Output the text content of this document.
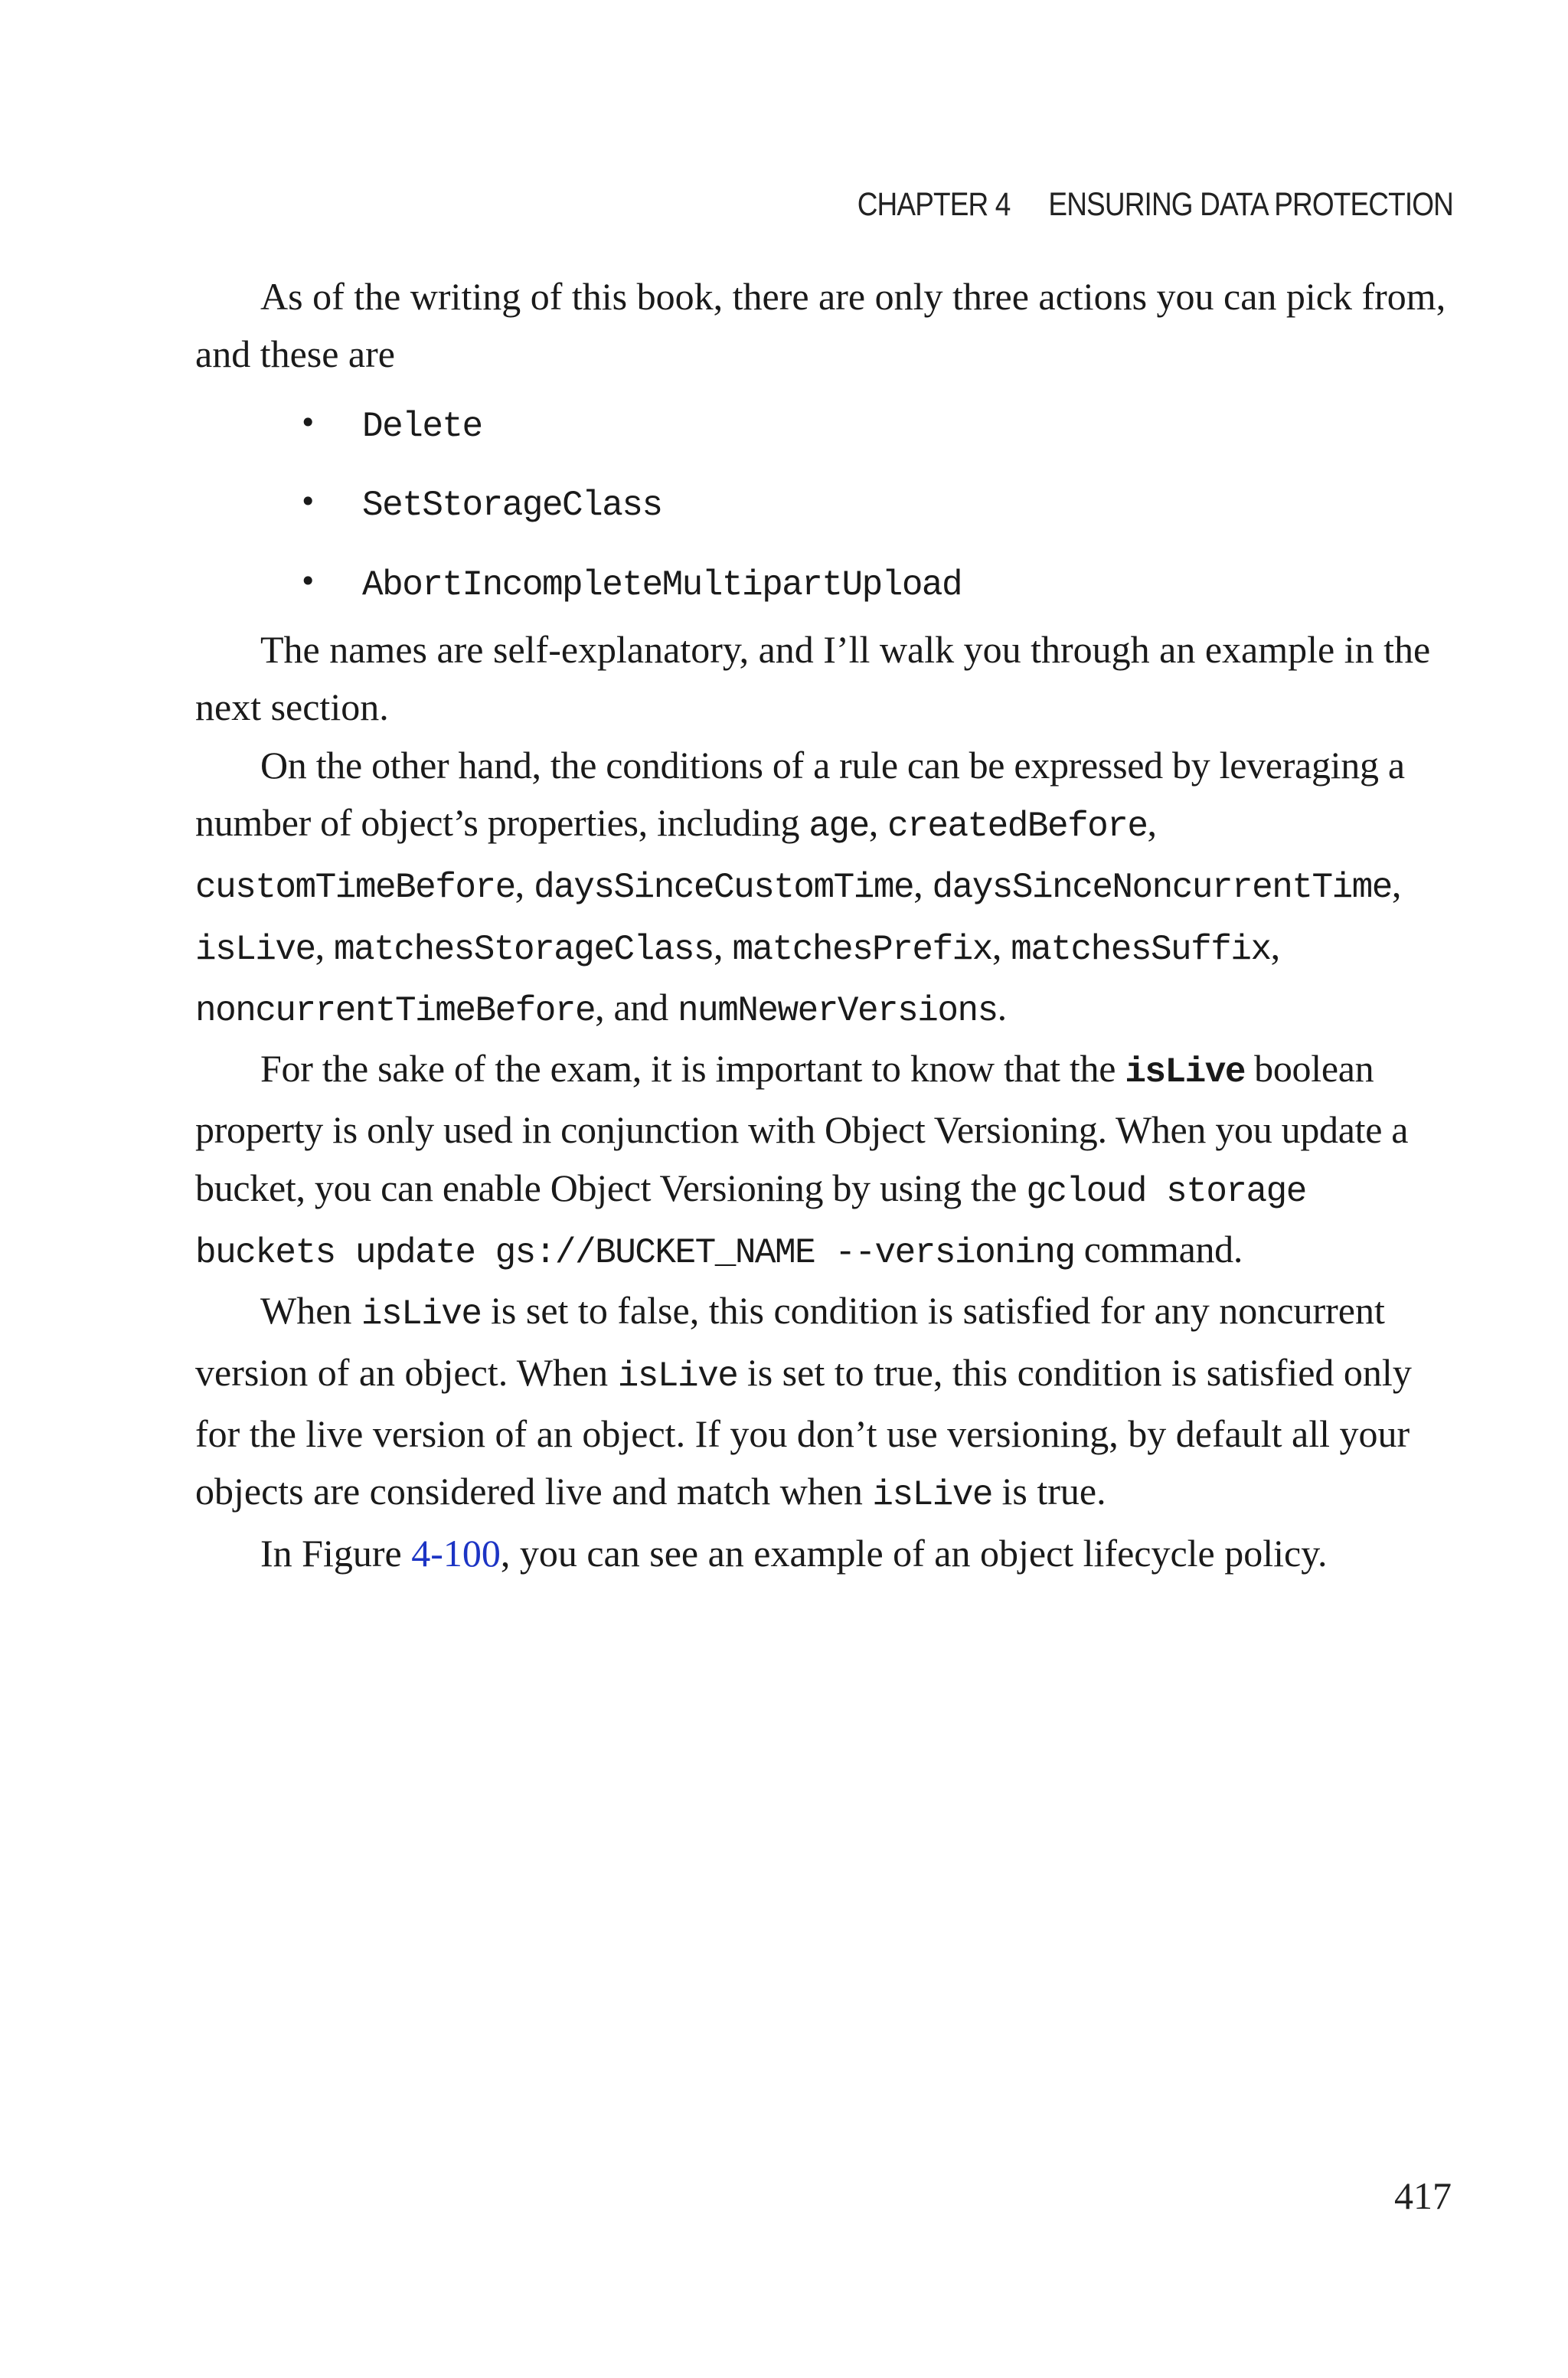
CHAPTER 4 ENSURING DATA PROTECTION

As of the writing of this book, there are only three actions you can pick from, and these are

• Delete
• SetStorageClass
• AbortIncompleteMultipartUpload

The names are self-explanatory, and I’ll walk you through an example in the next section.

On the other hand, the conditions of a rule can be expressed by leveraging a number of object’s properties, including age, createdBefore, customTimeBefore, daysSinceCustomTime, daysSinceNoncurrentTime, isLive, matchesStorageClass, matchesPrefix, matchesSuffix, noncurrentTimeBefore, and numNewerVersions.

For the sake of the exam, it is important to know that the isLive boolean property is only used in conjunction with Object Versioning. When you update a bucket, you can enable Object Versioning by using the gcloud storage buckets update gs://BUCKET_NAME --versioning command.

When isLive is set to false, this condition is satisfied for any noncurrent version of an object. When isLive is set to true, this condition is satisfied only for the live version of an object. If you don’t use versioning, by default all your objects are considered live and match when isLive is true.

In Figure 4-100, you can see an example of an object lifecycle policy.

417
